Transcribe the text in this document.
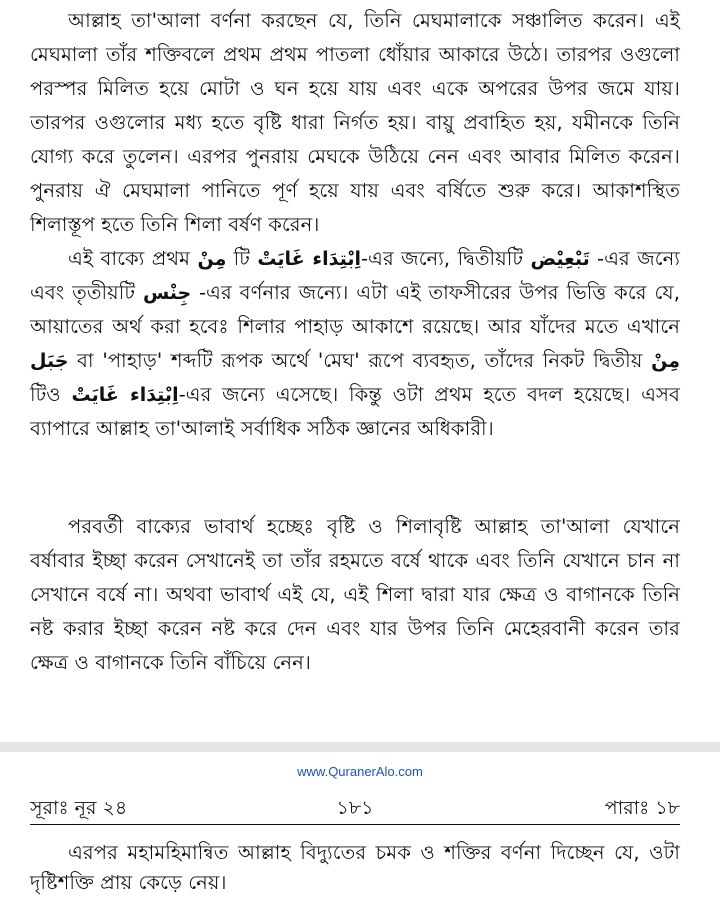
আল্লাহ তা'আলা বর্ণনা করছেন যে, তিনি মেঘমালাকে সঞ্চালিত করেন। এই মেঘমালা তাঁর শক্তিবলে প্রথম প্রথম পাতলা ধোঁয়ার আকারে উঠে। তারপর ওগুলো পরস্পর মিলিত হয়ে মোটা ও ঘন হয়ে যায় এবং একে অপরের উপর জমে যায়। তারপর ওগুলোর মধ্য হতে বৃষ্টি ধারা নির্গত হয়। বায়ু প্রবাহিত হয়, যমীনকে তিনি যোগ্য করে তুলেন। এরপর পুনরায় মেঘকে উঠিয়ে নেন এবং আবার মিলিত করেন। পুনরায় ঐ মেঘমালা পানিতে পূর্ণ হয়ে যায় এবং বর্ষিতে শুরু করে। আকাশস্থিত শিলাস্তূপ হতে তিনি শিলা বর্ষণ করেন।

এই বাক্যে প্রথম مِنْ টি اِبْتِدَاء غَايَتْ-এর জন্যে, দ্বিতীয়টি تَبْعِيْض -এর জন্যে এবং তৃতীয়টি جِنْس -এর বর্ণনার জন্যে। এটা এই তাফসীরের উপর ভিত্তি করে যে, আয়াতের অর্থ করা হবেঃ শিলার পাহাড় আকাশে রয়েছে। আর যাঁদের মতে এখানে جَبَل বা 'পাহাড়' শব্দটি রূপক অর্থে 'মেঘ' রূপে ব্যবহৃত, তাঁদের নিকট দ্বিতীয় مِنْ টিও اِبْتِدَاء غَايَتْ-এর জন্যে এসেছে। কিন্তু ওটা প্রথম হতে বদল হয়েছে। এসব ব্যাপারে আল্লাহ তা'আলাই সর্বাধিক সঠিক জ্ঞানের অধিকারী।

পরবর্তী বাক্যের ভাবার্থ হচ্ছেঃ বৃষ্টি ও শিলাবৃষ্টি আল্লাহ তা'আলা যেখানে বর্ষাবার ইচ্ছা করেন সেখানেই তা তাঁর রহমতে বর্ষে থাকে এবং তিনি যেখানে চান না সেখানে বর্ষে না। অথবা ভাবার্থ এই যে, এই শিলা দ্বারা যার ক্ষেত্র ও বাগানকে তিনি নষ্ট করার ইচ্ছা করেন নষ্ট করে দেন এবং যার উপর তিনি মেহেরবানী করেন তার ক্ষেত্র ও বাগানকে তিনি বাঁচিয়ে নেন।

www.QuranerAlo.com
সূরাঃ নূর ২৪	১৮১	পারাঃ ১৮

এরপর মহামহিমান্বিত আল্লাহ বিদ্যুতের চমক ও শক্তির বর্ণনা দিচ্ছেন যে, ওটা দৃষ্টিশক্তি প্রায় কেড়ে নেয়।
